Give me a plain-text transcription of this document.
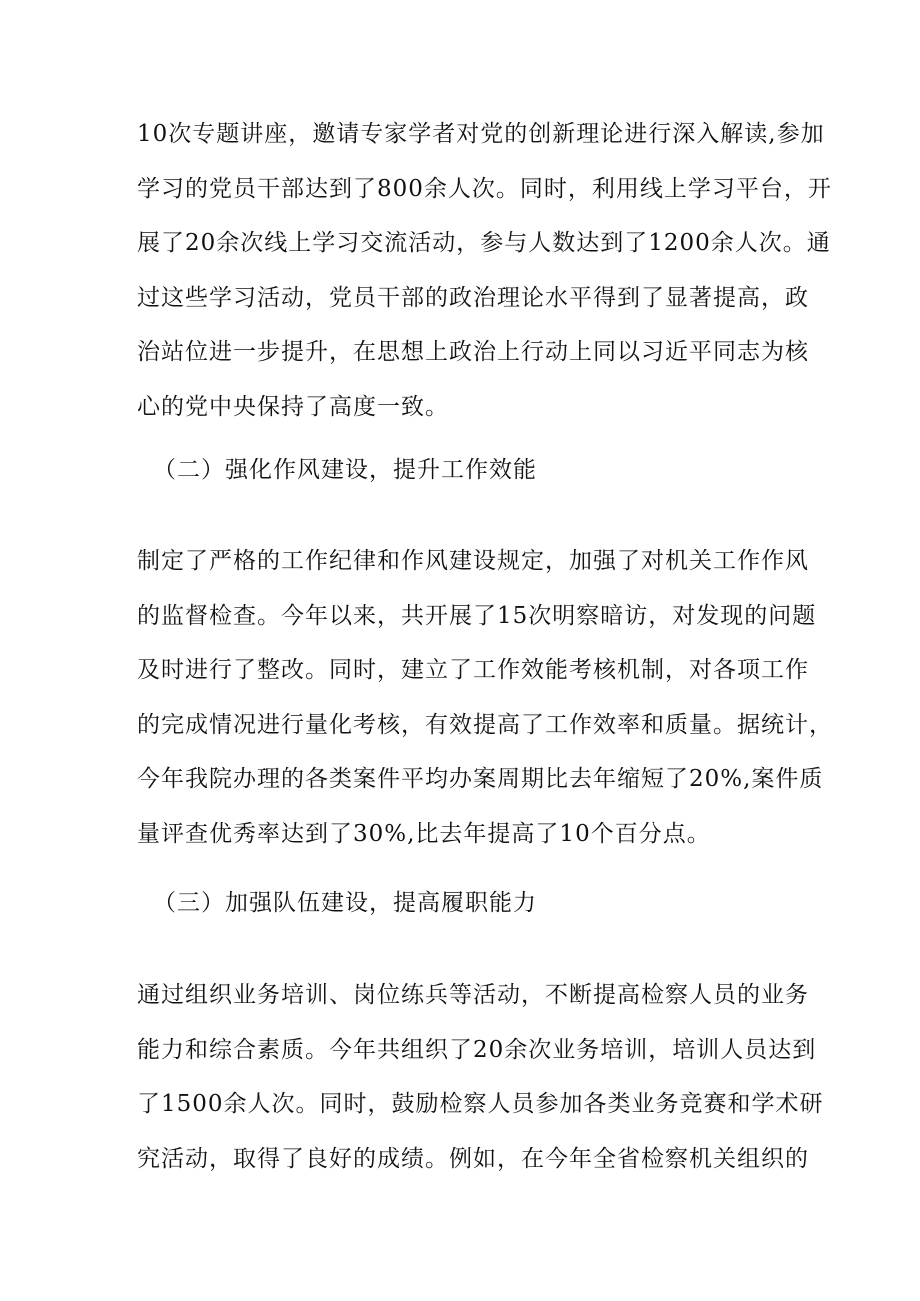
10次专题讲座，邀请专家学者对党的创新理论进行深入解读,参加
学习的党员干部达到了800余人次。同时，利用线上学习平台，开
展了20余次线上学习交流活动，参与人数达到了1200余人次。通
过这些学习活动，党员干部的政治理论水平得到了显著提高，政
治站位进一步提升，在思想上政治上行动上同以习近平同志为核
心的党中央保持了高度一致。
（二）强化作风建设，提升工作效能
制定了严格的工作纪律和作风建设规定，加强了对机关工作作风
的监督检查。今年以来，共开展了15次明察暗访，对发现的问题
及时进行了整改。同时，建立了工作效能考核机制，对各项工作
的完成情况进行量化考核，有效提高了工作效率和质量。据统计，
今年我院办理的各类案件平均办案周期比去年缩短了20%,案件质
量评查优秀率达到了30%,比去年提高了10个百分点。
（三）加强队伍建设，提高履职能力
通过组织业务培训、岗位练兵等活动，不断提高检察人员的业务
能力和综合素质。今年共组织了20余次业务培训，培训人员达到
了1500余人次。同时，鼓励检察人员参加各类业务竞赛和学术研
究活动，取得了良好的成绩。例如，在今年全省检察机关组织的
